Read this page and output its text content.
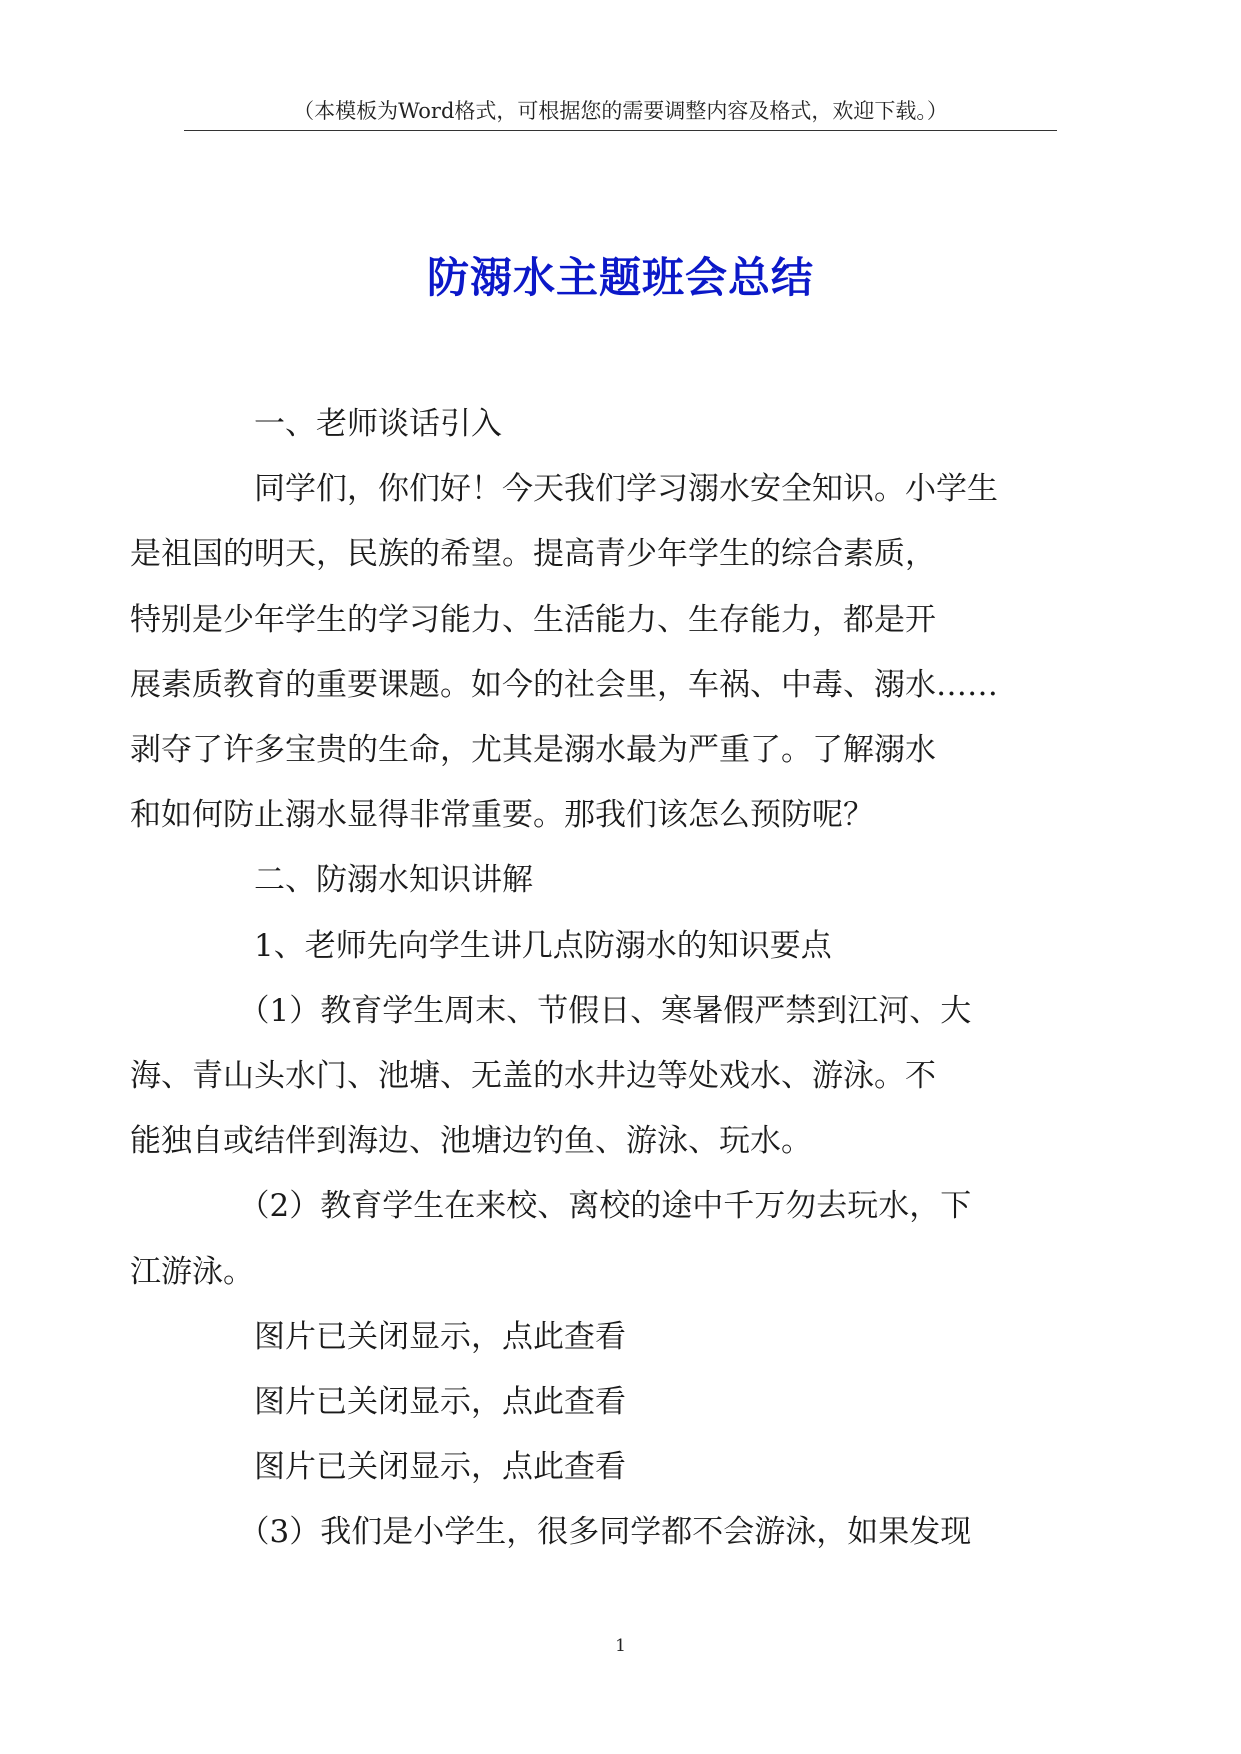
（本模板为Word格式，可根据您的需要调整内容及格式，欢迎下载。）
防溺水主题班会总结

一、老师谈话引入

同学们，你们好！今天我们学习溺水安全知识。小学生
是祖国的明天，民族的希望。提高青少年学生的综合素质，
特别是少年学生的学习能力、生活能力、生存能力，都是开
展素质教育的重要课题。如今的社会里，车祸、中毒、溺水……
剥夺了许多宝贵的生命，尤其是溺水最为严重了。了解溺水
和如何防止溺水显得非常重要。那我们该怎么预防呢？

二、防溺水知识讲解

1、老师先向学生讲几点防溺水的知识要点

（1）教育学生周末、节假日、寒暑假严禁到江河、大
海、青山头水门、池塘、无盖的水井边等处戏水、游泳。不
能独自或结伴到海边、池塘边钓鱼、游泳、玩水。

（2）教育学生在来校、离校的途中千万勿去玩水，下
江游泳。

图片已关闭显示，点此查看

图片已关闭显示，点此查看

图片已关闭显示，点此查看

（3）我们是小学生，很多同学都不会游泳，如果发现

1
